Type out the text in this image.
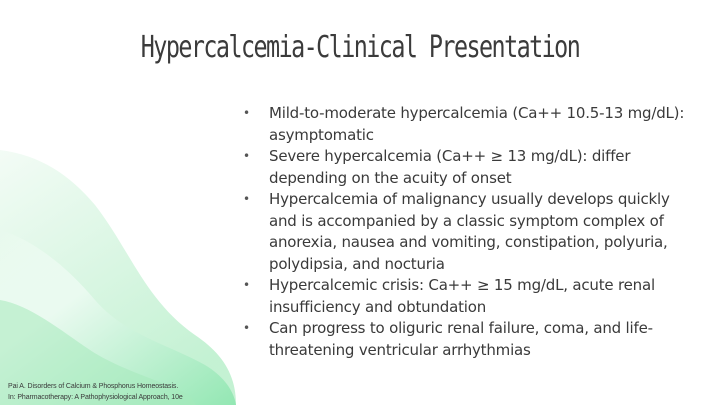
Hypercalcemia-Clinical Presentation
• Mild-to-moderate hypercalcemia (Ca++ 10.5-13 mg/dL): asymptomatic
• Severe hypercalcemia (Ca++ ≥ 13 mg/dL): differ depending on the acuity of onset
• Hypercalcemia of malignancy usually develops quickly and is accompanied by a classic symptom complex of anorexia, nausea and vomiting, constipation, polyuria, polydipsia, and nocturia
• Hypercalcemic crisis: Ca++ ≥ 15 mg/dL, acute renal insufficiency and obtundation
• Can progress to oliguric renal failure, coma, and life-threatening ventricular arrhythmias
Pai A. Disorders of Calcium & Phosphorus Homeostasis.
In: Pharmacotherapy: A Pathophysiological Approach, 10e
